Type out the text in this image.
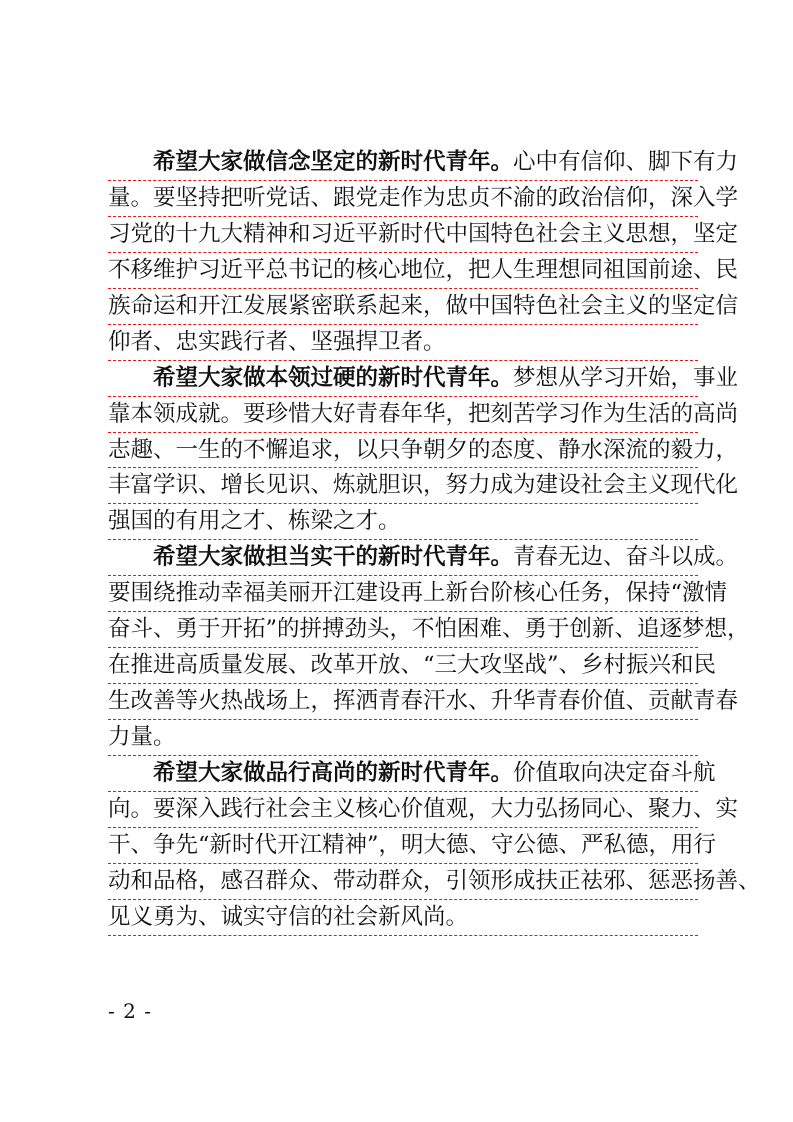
希望大家做信念坚定的新时代青年。心中有信仰、脚下有力
量。要坚持把听党话、跟党走作为忠贞不渝的政治信仰，深入学
习党的十九大精神和习近平新时代中国特色社会主义思想，坚定
不移维护习近平总书记的核心地位，把人生理想同祖国前途、民
族命运和开江发展紧密联系起来，做中国特色社会主义的坚定信
仰者、忠实践行者、坚强捍卫者。
希望大家做本领过硬的新时代青年。梦想从学习开始，事业
靠本领成就。要珍惜大好青春年华，把刻苦学习作为生活的高尚
志趣、一生的不懈追求，以只争朝夕的态度、静水深流的毅力，
丰富学识、增长见识、炼就胆识，努力成为建设社会主义现代化
强国的有用之才、栋梁之才。
希望大家做担当实干的新时代青年。青春无边、奋斗以成。
要围绕推动幸福美丽开江建设再上新台阶核心任务，保持“激情
奋斗、勇于开拓”的拼搏劲头，不怕困难、勇于创新、追逐梦想，
在推进高质量发展、改革开放、“三大攻坚战”、乡村振兴和民
生改善等火热战场上，挥洒青春汗水、升华青春价值、贡献青春
力量。
希望大家做品行高尚的新时代青年。价值取向决定奋斗航
向。要深入践行社会主义核心价值观，大力弘扬同心、聚力、实
干、争先“新时代开江精神”，明大德、守公德、严私德，用行
动和品格，感召群众、带动群众，引领形成扶正祛邪、惩恶扬善、
见义勇为、诚实守信的社会新风尚。
- 2 -
